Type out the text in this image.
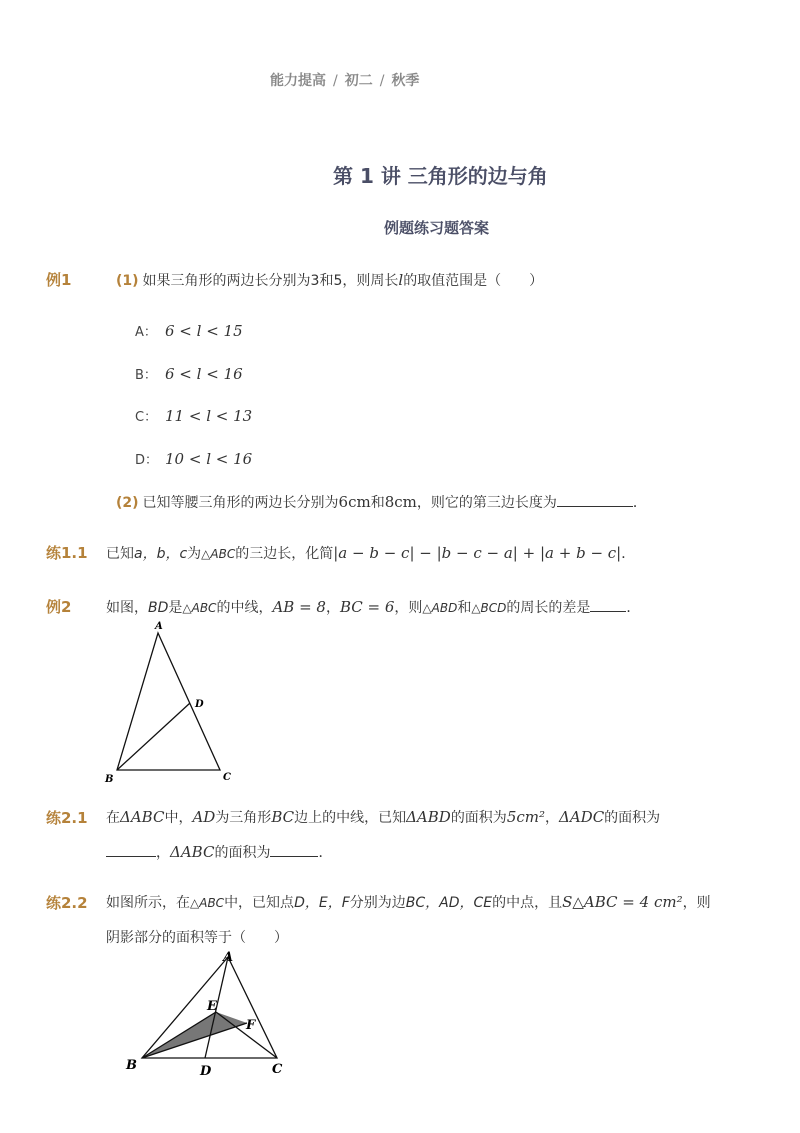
能力提高 / 初二 / 秋季
第 1 讲 三角形的边与角
例题练习题答案
例1	(1) 如果三角形的两边长分别为3和5，则周长l的取值范围是（　　）
A： 6 < l < 15
B： 6 < l < 16
C： 11 < l < 13
D： 10 < l < 16
(2) 已知等腰三角形的两边长分别为6cm和8cm，则它的第三边长度为	．
练1.1 已知a，b，c为△ABC的三边长，化简|a − b − c| − |b − c − a| + |a + b − c|．
例2 如图，BD是△ABC的中线，AB = 8，BC = 6，则△ABD和△BCD的周长的差是	．
A
D
B	C
练2.1 在ΔABC中，AD为三角形BC边上的中线，已知ΔABD的面积为5cm²，ΔADC的面积为
，ΔABC的面积为	．
练2.2 如图所示，在△ABC中，已知点D，E，F分别为边BC，AD，CE的中点，且S△ABC = 4 cm²，则
阴影部分的面积等于（　　）
A
E
F
B	D	C
